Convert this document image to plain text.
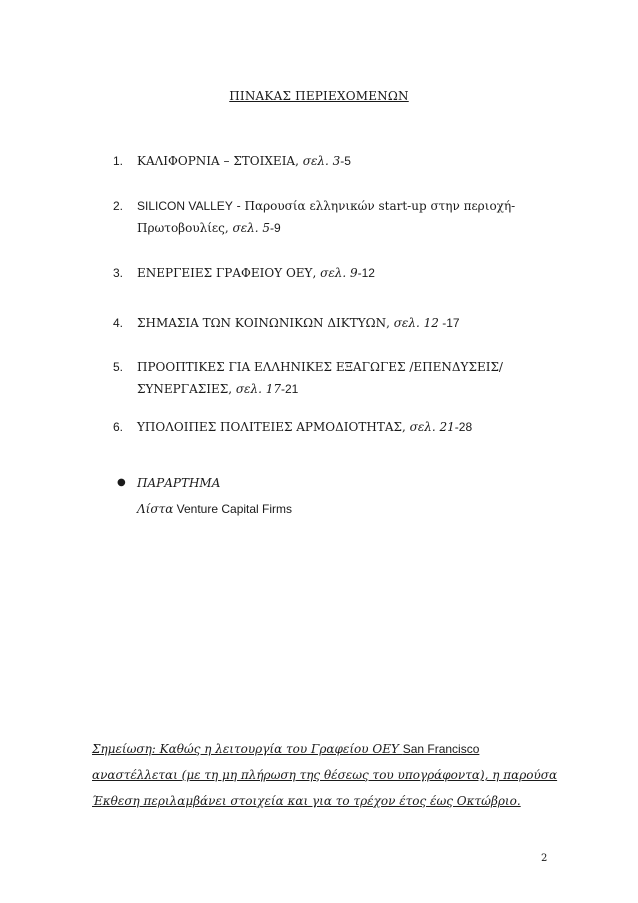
ΠΙΝΑΚΑΣ ΠΕΡΙΕΧΟΜΕΝΩΝ
1.	ΚΑΛΙΦΟΡΝΙΑ – ΣΤΟΙΧΕΙΑ, σελ. 3-5
2.	SILICON VALLEY - Παρουσία ελληνικών start-up στην περιοχή-
Πρωτοβουλίες, σελ. 5-9
3.	ΕΝΕΡΓΕΙΕΣ ΓΡΑΦΕΙΟΥ ΟΕΥ, σελ. 9-12
4.	ΣΗΜΑΣΙΑ ΤΩΝ ΚΟΙΝΩΝΙΚΩΝ ΔΙΚΤΥΩΝ, σελ. 12 -17
5.	ΠΡΟΟΠΤΙΚΕΣ ΓΙΑ ΕΛΛΗΝΙΚΕΣ ΕΞΑΓΩΓΕΣ /ΕΠΕΝΔΥΣΕΙΣ/
ΣΥΝΕΡΓΑΣΙΕΣ, σελ. 17-21
6.	ΥΠΟΛΟΙΠΕΣ ΠΟΛΙΤΕΙΕΣ ΑΡΜΟΔΙΟΤΗΤΑΣ, σελ. 21-28
● ΠΑΡΑΡΤΗΜΑ
Λίστα Venture Capital Firms
Σημείωση: Καθώς η λειτουργία του Γραφείου ΟΕΥ San Francisco αναστέλλεται (με τη μη πλήρωση της θέσεως του υπογράφοντα), η παρούσα Έκθεση περιλαμβάνει στοιχεία και για το τρέχον έτος έως Οκτώβριο.
2
